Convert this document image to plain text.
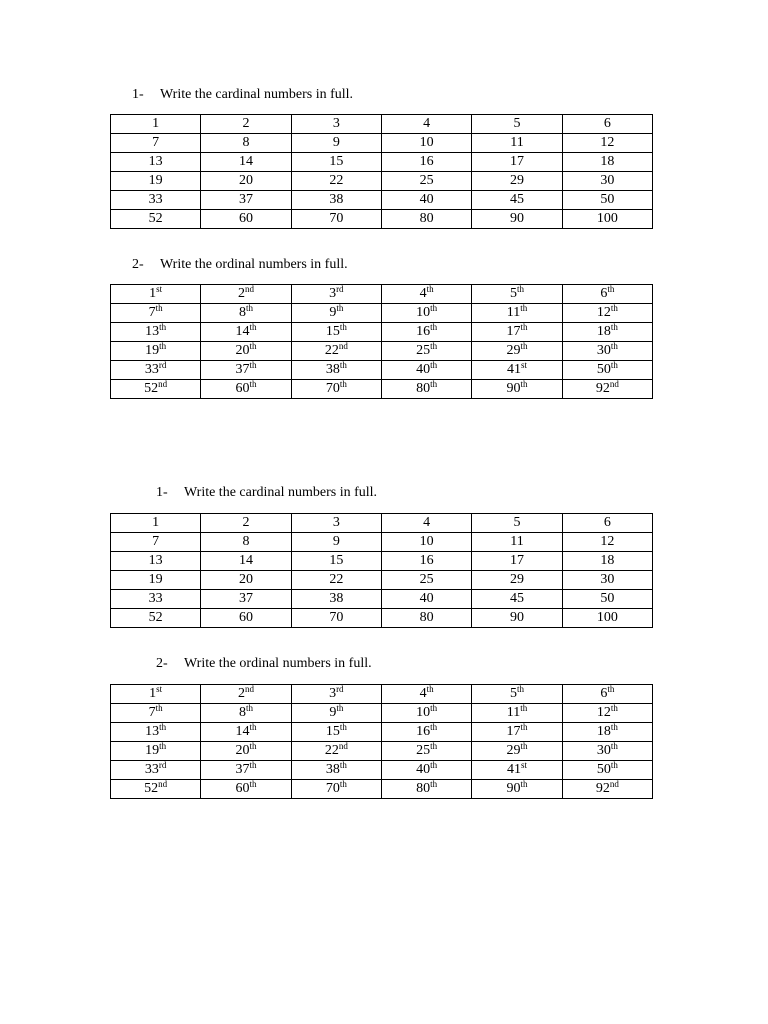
1- Write the cardinal numbers in full.
1	2	3	4	5	6
7	8	9	10	11	12
13	14	15	16	17	18
19	20	22	25	29	30
33	37	38	40	45	50
52	60	70	80	90	100
2- Write the ordinal numbers in full.
1st	2nd	3rd	4th	5th	6th
7th	8th	9th	10th	11th	12th
13th	14th	15th	16th	17th	18th
19th	20th	22nd	25th	29th	30th
33rd	37th	38th	40th	41st	50th
52nd	60th	70th	80th	90th	92nd
1- Write the cardinal numbers in full.
1	2	3	4	5	6
7	8	9	10	11	12
13	14	15	16	17	18
19	20	22	25	29	30
33	37	38	40	45	50
52	60	70	80	90	100
2- Write the ordinal numbers in full.
1st	2nd	3rd	4th	5th	6th
7th	8th	9th	10th	11th	12th
13th	14th	15th	16th	17th	18th
19th	20th	22nd	25th	29th	30th
33rd	37th	38th	40th	41st	50th
52nd	60th	70th	80th	90th	92nd
